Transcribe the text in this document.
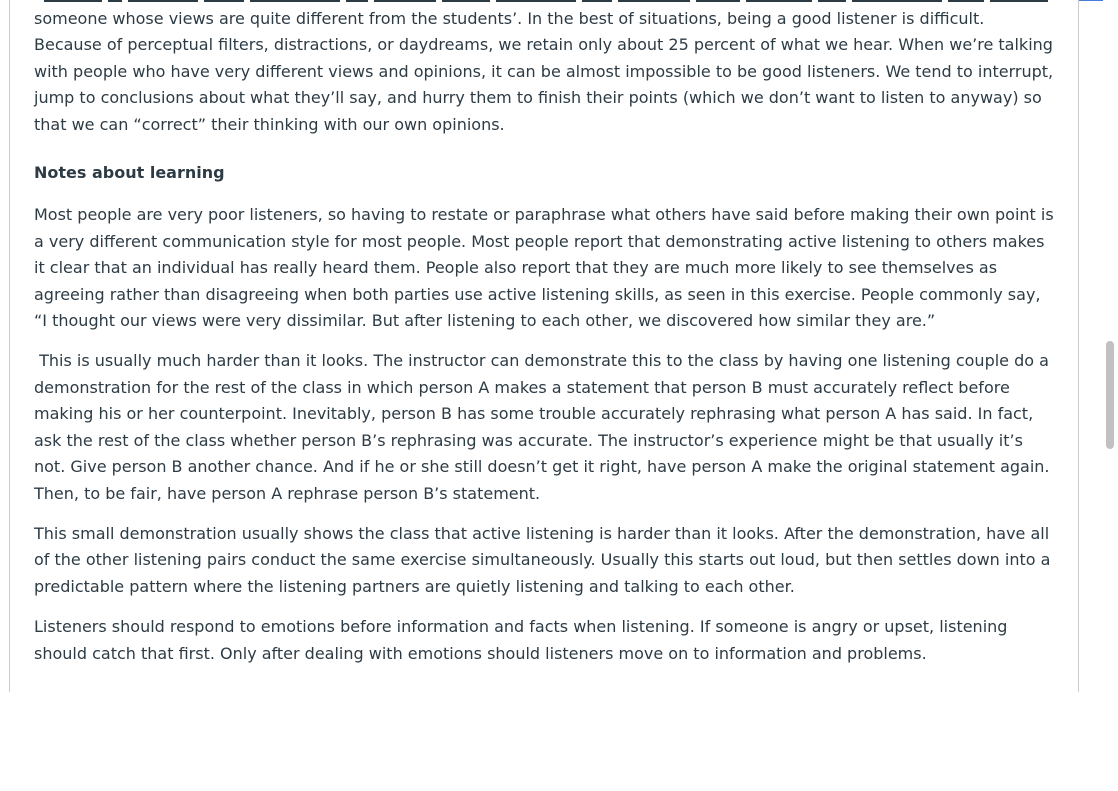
someone whose views are quite different from the students’. In the best of situations, being a good listener is difficult. Because of perceptual filters, distractions, or daydreams, we retain only about 25 percent of what we hear. When we’re talking with people who have very different views and opinions, it can be almost impossible to be good listeners. We tend to interrupt, jump to conclusions about what they’ll say, and hurry them to finish their points (which we don’t want to listen to anyway) so that we can “correct” their thinking with our own opinions.

Notes about learning

Most people are very poor listeners, so having to restate or paraphrase what others have said before making their own point is a very different communication style for most people. Most people report that demonstrating active listening to others makes it clear that an individual has really heard them. People also report that they are much more likely to see themselves as agreeing rather than disagreeing when both parties use active listening skills, as seen in this exercise. People commonly say, “I thought our views were very dissimilar. But after listening to each other, we discovered how similar they are.”

This is usually much harder than it looks. The instructor can demonstrate this to the class by having one listening couple do a demonstration for the rest of the class in which person A makes a statement that person B must accurately reflect before making his or her counterpoint. Inevitably, person B has some trouble accurately rephrasing what person A has said. In fact, ask the rest of the class whether person B’s rephrasing was accurate. The instructor’s experience might be that usually it’s not. Give person B another chance. And if he or she still doesn’t get it right, have person A make the original statement again. Then, to be fair, have person A rephrase person B’s statement.

This small demonstration usually shows the class that active listening is harder than it looks. After the demonstration, have all of the other listening pairs conduct the same exercise simultaneously. Usually this starts out loud, but then settles down into a predictable pattern where the listening partners are quietly listening and talking to each other.

Listeners should respond to emotions before information and facts when listening. If someone is angry or upset, listening should catch that first. Only after dealing with emotions should listeners move on to information and problems.
